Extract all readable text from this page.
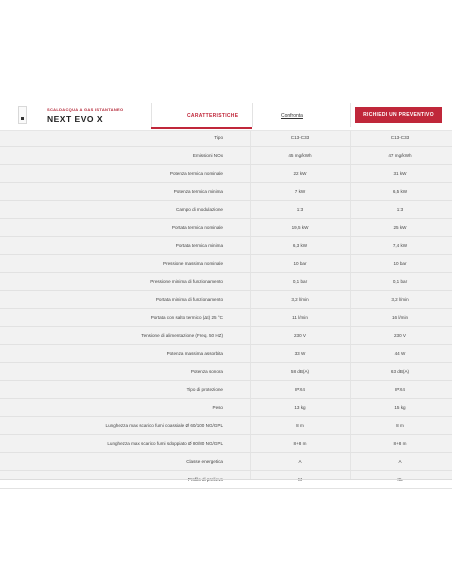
SCALDACQUA A GAS ISTANTANEO
NEXT EVO X	CARATTERISTICHE	Confronta	RICHIEDI UN PREVENTIVO
Tipo	C13-C33	C13-C33
Emissioni NOx	45 mg/kWh	47 mg/kWh
Potenza termica nominale	22 kW	31 kW
Potenza termica minima	7 kW	6,5 kW
Campo di modulazione	1:3	1:3
Portata termica nominale	19,5 kW	25 kW
Portata termica minima	6,3 kW	7,4 kW
Pressione massima nominale	10 bar	10 bar
Pressione minima di funzionamento	0,1 bar	0,1 bar
Portata minima di funzionamento	3,2 l/min	3,2 l/min
Portata con salto termico (Δt) 25 °C	11 l/min	16 l/min
Tensione di alimentazione (Freq. 50 HZ)	230 V	230 V
Potenza massima assorbita	33 W	44 W
Potenza sonora	58 dB(A)	63 dB(A)
Tipo di protezione	IPX4	IPX4
Peso	13 kg	15 kg
Lunghezza max scarico fumi coassiale Ø 60/100 NG/GPL	8 m	8 m
Lunghezza max scarico fumi sdoppiato Ø 80/80 NG/GPL	8+8 m	8+8 m
Classe energetica	A	A
